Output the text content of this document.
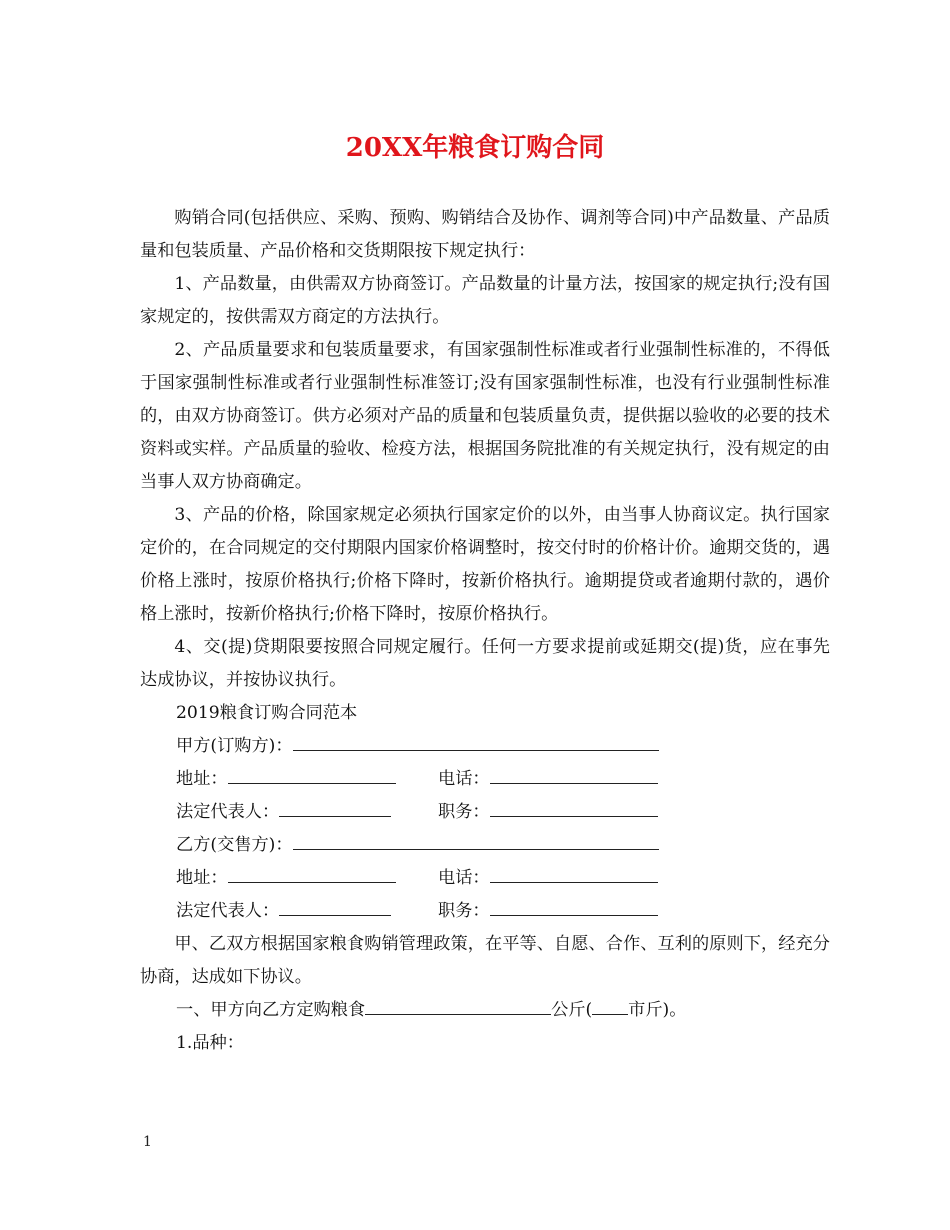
20XX年粮食订购合同

购销合同(包括供应、采购、预购、购销结合及协作、调剂等合同)中产品数量、产品质量和包装质量、产品价格和交货期限按下规定执行：

1、产品数量，由供需双方协商签订。产品数量的计量方法，按国家的规定执行;没有国家规定的，按供需双方商定的方法执行。

2、产品质量要求和包装质量要求，有国家强制性标准或者行业强制性标准的，不得低于国家强制性标准或者行业强制性标准签订;没有国家强制性标准，也没有行业强制性标准的，由双方协商签订。供方必须对产品的质量和包装质量负责，提供据以验收的必要的技术资料或实样。产品质量的验收、检疫方法，根据国务院批准的有关规定执行，没有规定的由当事人双方协商确定。

3、产品的价格，除国家规定必须执行国家定价的以外，由当事人协商议定。执行国家定价的，在合同规定的交付期限内国家价格调整时，按交付时的价格计价。逾期交货的，遇价格上涨时，按原价格执行;价格下降时，按新价格执行。逾期提贷或者逾期付款的，遇价格上涨时，按新价格执行;价格下降时，按原价格执行。

4、交(提)贷期限要按照合同规定履行。任何一方要求提前或延期交(提)货，应在事先达成协议，并按协议执行。

2019粮食订购合同范本

甲方(订购方)：

地址：	电话：
法定代表人：	职务：

乙方(交售方)：

地址：	电话：
法定代表人：	职务：

甲、乙双方根据国家粮食购销管理政策，在平等、自愿、合作、互利的原则下，经充分协商，达成如下协议。

一、甲方向乙方定购粮食	公斤( 市斤)。

1.品种：

1
